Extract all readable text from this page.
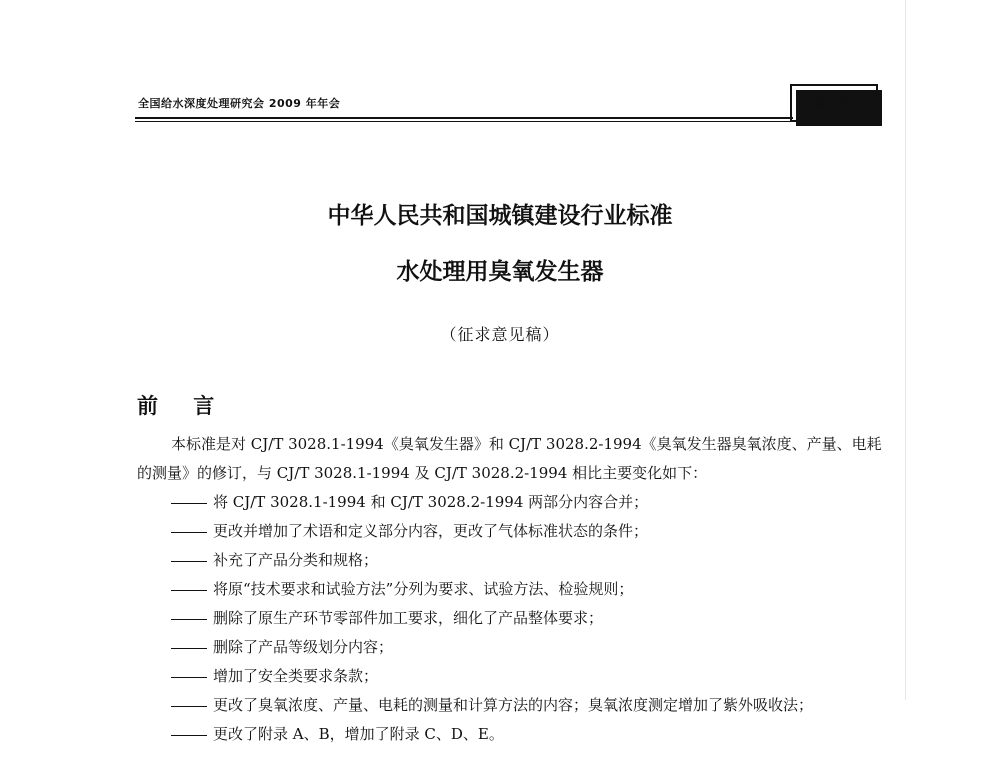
全国给水深度处理研究会 2009 年年会	论文集
中华人民共和国城镇建设行业标准
水处理用臭氧发生器
（征求意见稿）
前 言
本标准是对 CJ/T 3028.1-1994《臭氧发生器》和 CJ/T 3028.2-1994《臭氧发生器臭氧浓度、产量、电耗的测量》的修订，与 CJ/T 3028.1-1994 及 CJ/T 3028.2-1994 相比主要变化如下：
将 CJ/T 3028.1-1994 和 CJ/T 3028.2-1994 两部分内容合并；
更改并增加了术语和定义部分内容，更改了气体标准状态的条件；
补充了产品分类和规格；
将原“技术要求和试验方法”分列为要求、试验方法、检验规则；
删除了原生产环节零部件加工要求，细化了产品整体要求；
删除了产品等级划分内容；
增加了安全类要求条款；
更改了臭氧浓度、产量、电耗的测量和计算方法的内容；臭氧浓度测定增加了紫外吸收法；
更改了附录 A、B，增加了附录 C、D、E。
